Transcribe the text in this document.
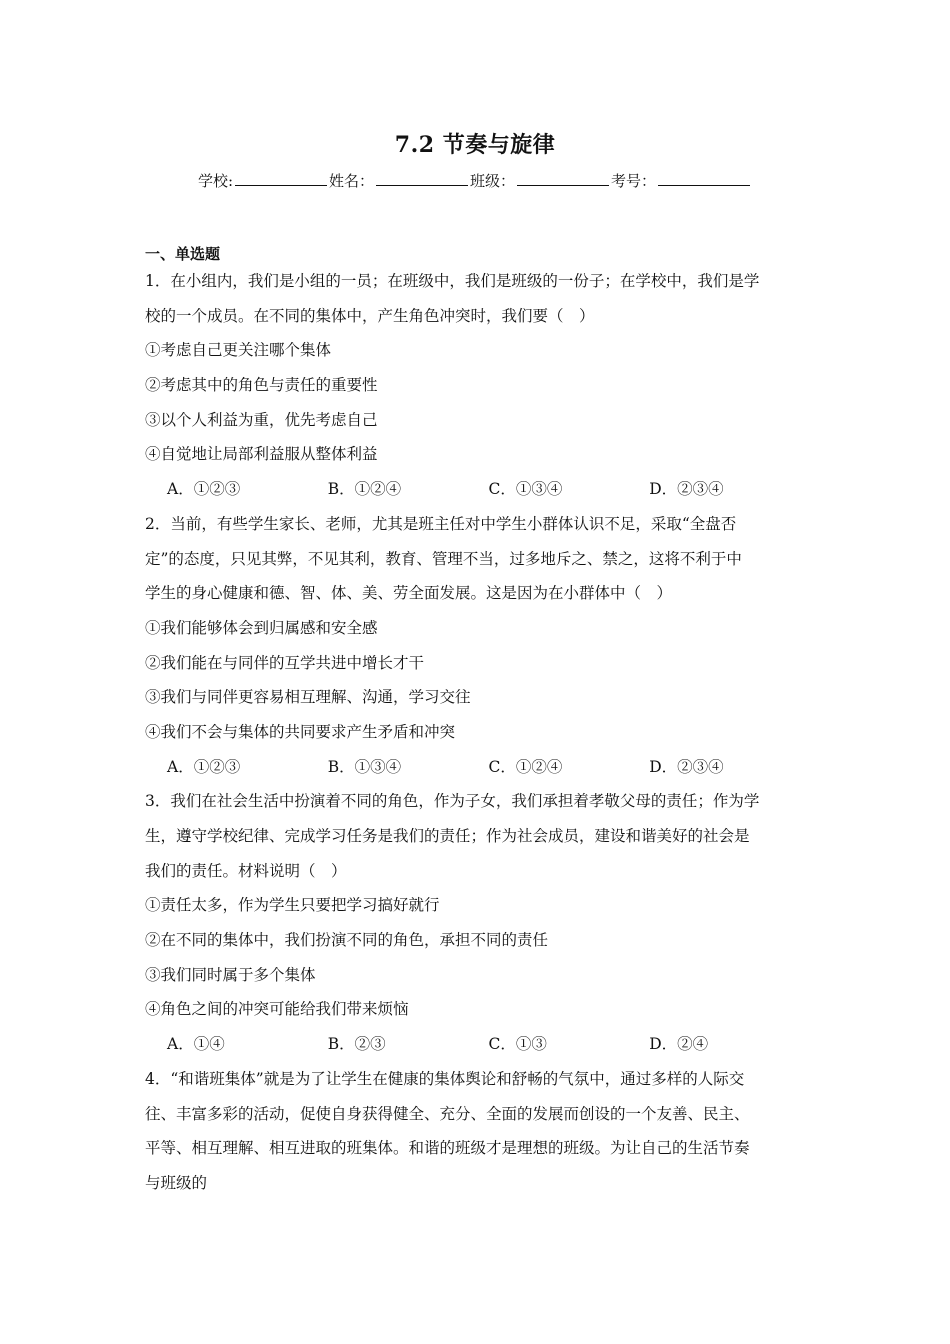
7.2 节奏与旋律
学校:	姓名：	班级：	考号：
一、单选题
1．在小组内，我们是小组的一员；在班级中，我们是班级的一份子；在学校中，我们是学
校的一个成员。在不同的集体中，产生角色冲突时，我们要（　）
①考虑自己更关注哪个集体
②考虑其中的角色与责任的重要性
③以个人利益为重，优先考虑自己
④自觉地让局部利益服从整体利益
A．①②③	B．①②④	C．①③④	D．②③④
2．当前，有些学生家长、老师，尤其是班主任对中学生小群体认识不足，采取“全盘否
定”的态度，只见其弊，不见其利，教育、管理不当，过多地斥之、禁之，这将不利于中
学生的身心健康和德、智、体、美、劳全面发展。这是因为在小群体中（　）
①我们能够体会到归属感和安全感
②我们能在与同伴的互学共进中增长才干
③我们与同伴更容易相互理解、沟通，学习交往
④我们不会与集体的共同要求产生矛盾和冲突
A．①②③	B．①③④	C．①②④	D．②③④
3．我们在社会生活中扮演着不同的角色，作为子女，我们承担着孝敬父母的责任；作为学
生，遵守学校纪律、完成学习任务是我们的责任；作为社会成员，建设和谐美好的社会是
我们的责任。材料说明（　）
①责任太多，作为学生只要把学习搞好就行
②在不同的集体中，我们扮演不同的角色，承担不同的责任
③我们同时属于多个集体
④角色之间的冲突可能给我们带来烦恼
A．①④	B．②③	C．①③	D．②④
4．“和谐班集体”就是为了让学生在健康的集体舆论和舒畅的气氛中，通过多样的人际交
往、丰富多彩的活动，促使自身获得健全、充分、全面的发展而创设的一个友善、民主、
平等、相互理解、相互进取的班集体。和谐的班级才是理想的班级。为让自己的生活节奏
与班级的
